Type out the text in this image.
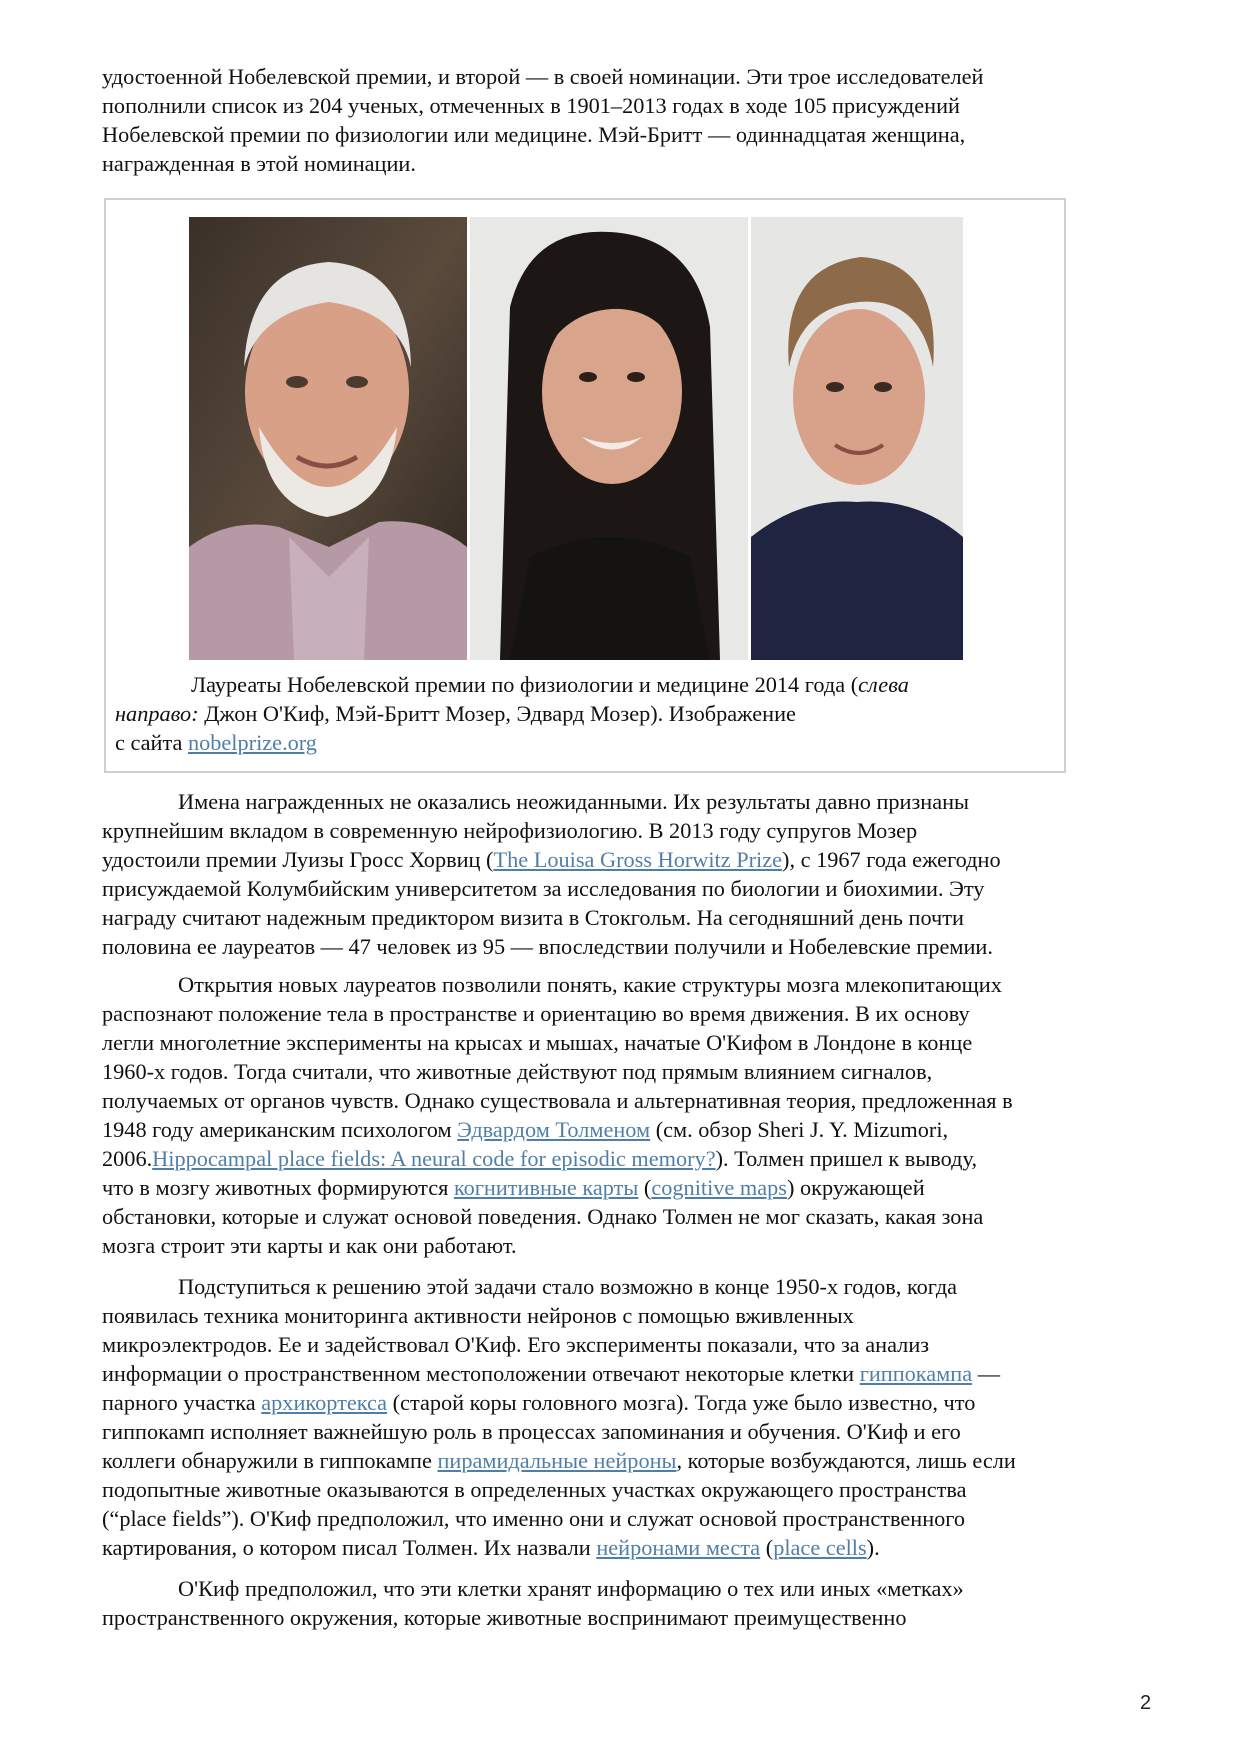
удостоенной Нобелевской премии, и второй — в своей номинации. Эти трое исследователей
пополнили список из 204 ученых, отмеченных в 1901–2013 годах в ходе 105 присуждений
Нобелевской премии по физиологии или медицине. Мэй-Бритт — одиннадцатая женщина,
награжденная в этой номинации.
Лауреаты Нобелевской премии по физиологии и медицине 2014 года (слева
направо: Джон О'Киф, Мэй-Бритт Мозер, Эдвард Мозер). Изображение
с сайта nobelprize.org
Имена награжденных не оказались неожиданными. Их результаты давно признаны
крупнейшим вкладом в современную нейрофизиологию. В 2013 году супругов Мозер
удостоили премии Луизы Гросс Хорвиц (The Louisa Gross Horwitz Prize), с 1967 года ежегодно
присуждаемой Колумбийским университетом за исследования по биологии и биохимии. Эту
награду считают надежным предиктором визита в Стокгольм. На сегодняшний день почти
половина ее лауреатов — 47 человек из 95 — впоследствии получили и Нобелевские премии.
Открытия новых лауреатов позволили понять, какие структуры мозга млекопитающих
распознают положение тела в пространстве и ориентацию во время движения. В их основу
легли многолетние эксперименты на крысах и мышах, начатые О'Кифом в Лондоне в конце
1960-х годов. Тогда считали, что животные действуют под прямым влиянием сигналов,
получаемых от органов чувств. Однако существовала и альтернативная теория, предложенная в
1948 году американским психологом Эдвардом Толменом (см. обзор Sheri J. Y. Mizumori,
2006.Hippocampal place fields: A neural code for episodic memory?). Толмен пришел к выводу,
что в мозгу животных формируются когнитивные карты (cognitive maps) окружающей
обстановки, которые и служат основой поведения. Однако Толмен не мог сказать, какая зона
мозга строит эти карты и как они работают.
Подступиться к решению этой задачи стало возможно в конце 1950-х годов, когда
появилась техника мониторинга активности нейронов с помощью вживленных
микроэлектродов. Ее и задействовал О'Киф. Его эксперименты показали, что за анализ
информации о пространственном местоположении отвечают некоторые клетки гиппокампа —
парного участка архикортекса (старой коры головного мозга). Тогда уже было известно, что
гиппокамп исполняет важнейшую роль в процессах запоминания и обучения. О'Киф и его
коллеги обнаружили в гиппокампе пирамидальные нейроны, которые возбуждаются, лишь если
подопытные животные оказываются в определенных участках окружающего пространства
(“place fields”). О'Киф предположил, что именно они и служат основой пространственного
картирования, о котором писал Толмен. Их назвали нейронами места (place cells).
О'Киф предположил, что эти клетки хранят информацию о тех или иных «метках»
пространственного окружения, которые животные воспринимают преимущественно
2
